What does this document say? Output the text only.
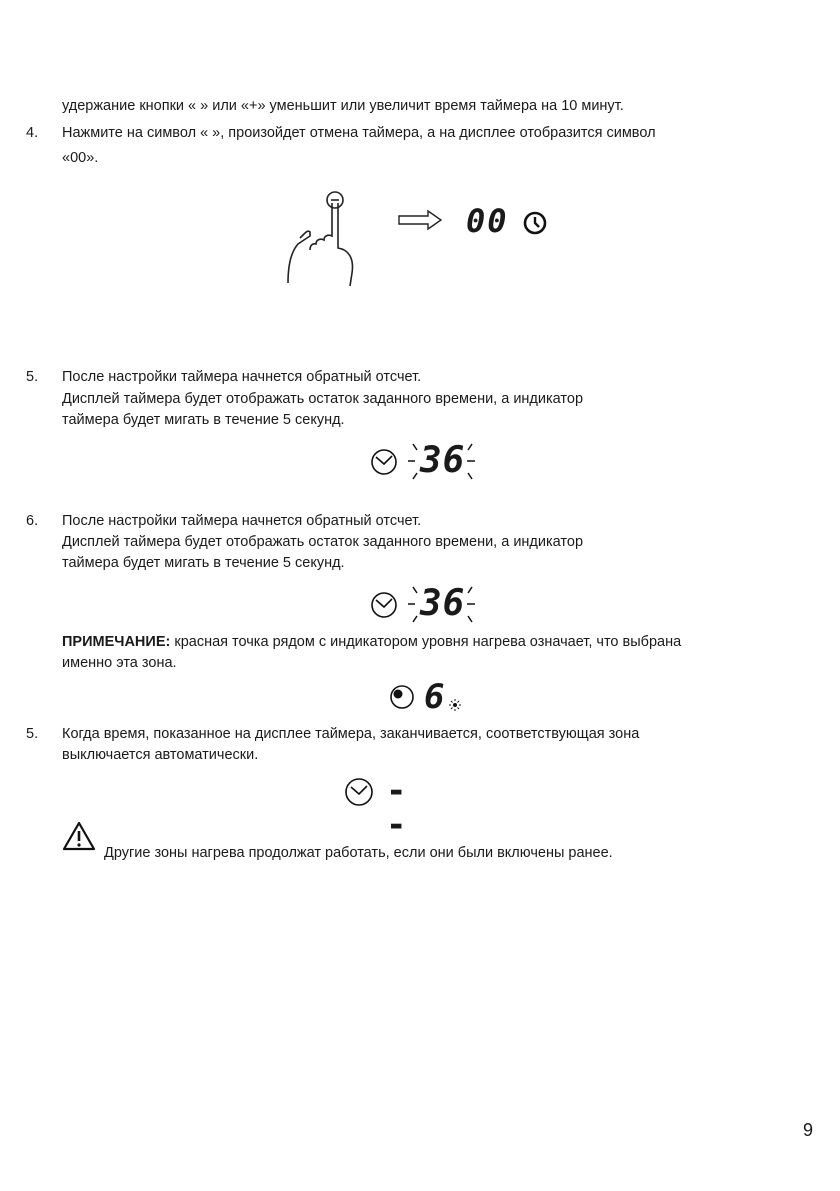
удержание кнопки « » или «+» уменьшит или увеличит время таймера на 10 минут.
4. Нажмите на символ « », произойдет отмена таймера, а на дисплее отобразится символ
«00».
00
5. После настройки таймера начнется обратный отсчет.
Дисплей таймера будет отображать остаток заданного времени, а индикатор
таймера будет мигать в течение 5 секунд.
36
6. После настройки таймера начнется обратный отсчет.
Дисплей таймера будет отображать остаток заданного времени, а индикатор
таймера будет мигать в течение 5 секунд.
36
ПРИМЕЧАНИЕ: красная точка рядом с индикатором уровня нагрева означает, что выбрана
именно эта зона.
6
5. Когда время, показанное на дисплее таймера, заканчивается, соответствующая зона
выключается автоматически.
--
Другие зоны нагрева продолжат работать, если они были включены ранее.
9
